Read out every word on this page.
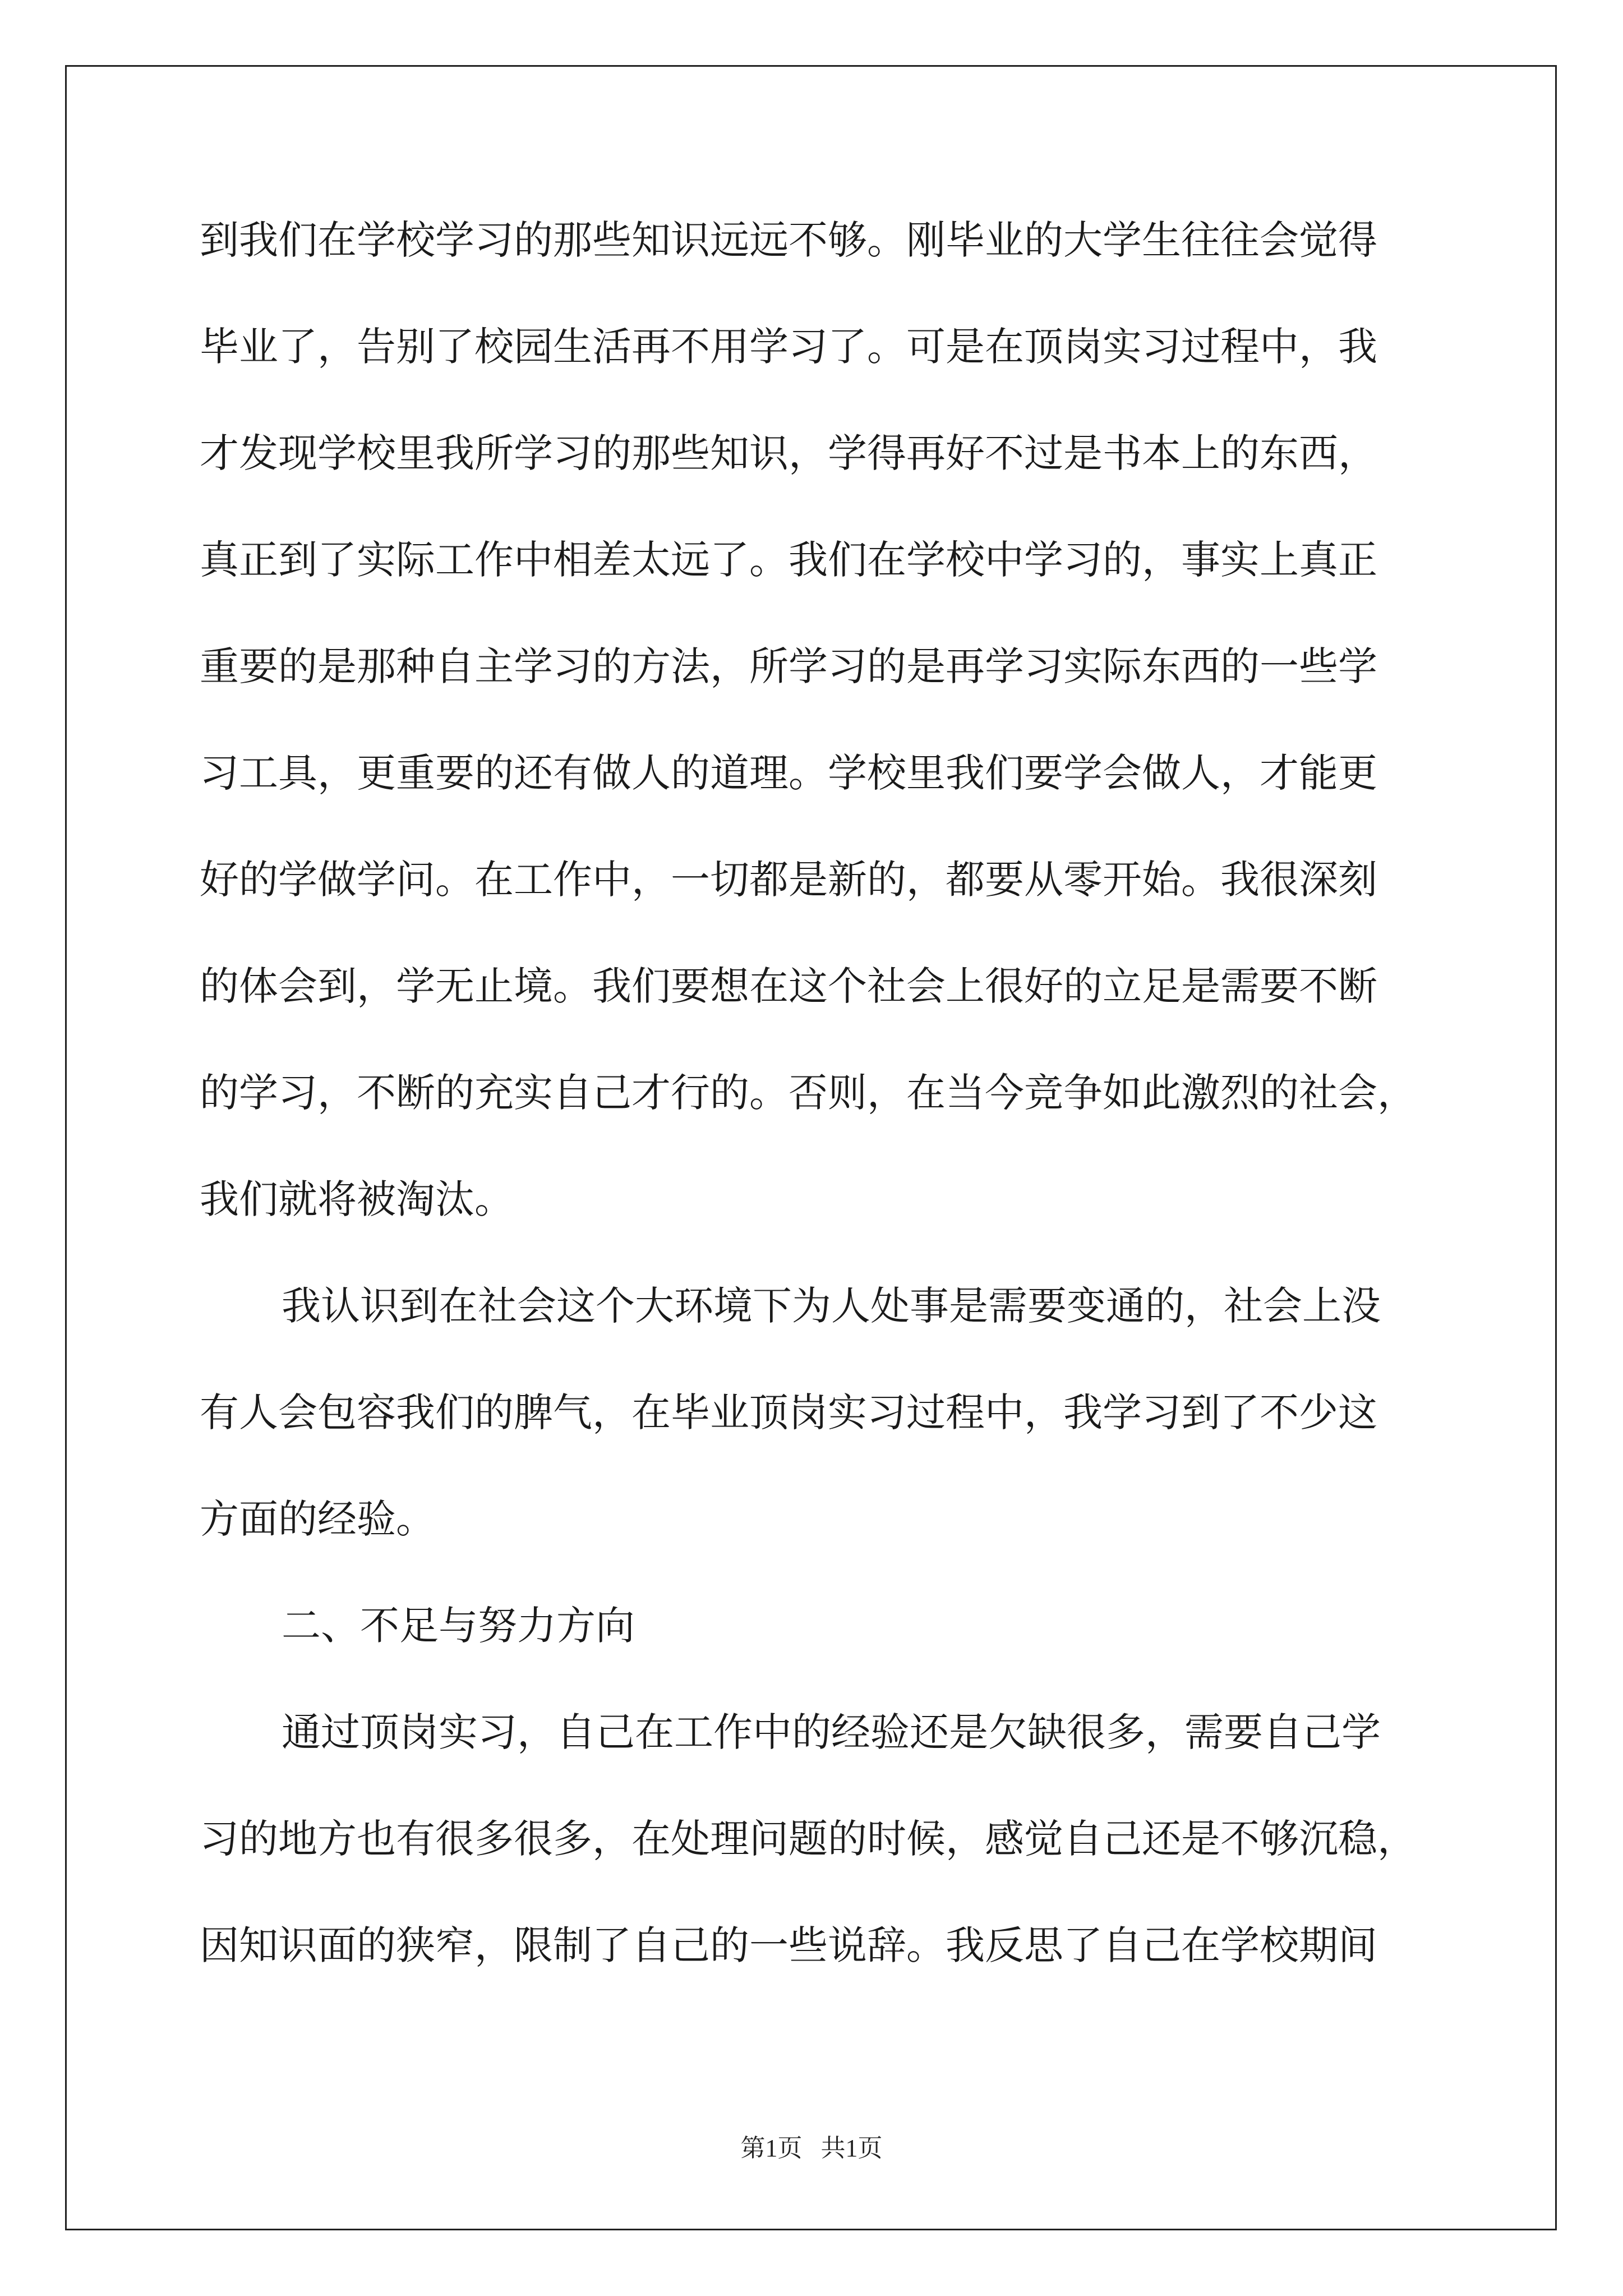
到我们在学校学习的那些知识远远不够。刚毕业的大学生往往会觉得
毕业了，告别了校园生活再不用学习了。可是在顶岗实习过程中，我
才发现学校里我所学习的那些知识，学得再好不过是书本上的东西，
真正到了实际工作中相差太远了。我们在学校中学习的，事实上真正
重要的是那种自主学习的方法，所学习的是再学习实际东西的一些学
习工具，更重要的还有做人的道理。学校里我们要学会做人，才能更
好的学做学问。在工作中，一切都是新的，都要从零开始。我很深刻
的体会到，学无止境。我们要想在这个社会上很好的立足是需要不断
的学习，不断的充实自己才行的。否则，在当今竞争如此激烈的社会，
我们就将被淘汰。
我认识到在社会这个大环境下为人处事是需要变通的，社会上没
有人会包容我们的脾气，在毕业顶岗实习过程中，我学习到了不少这
方面的经验。
二、不足与努力方向
通过顶岗实习，自己在工作中的经验还是欠缺很多，需要自己学
习的地方也有很多很多，在处理问题的时候，感觉自己还是不够沉稳，
因知识面的狭窄，限制了自己的一些说辞。我反思了自己在学校期间
第1页   共1页
